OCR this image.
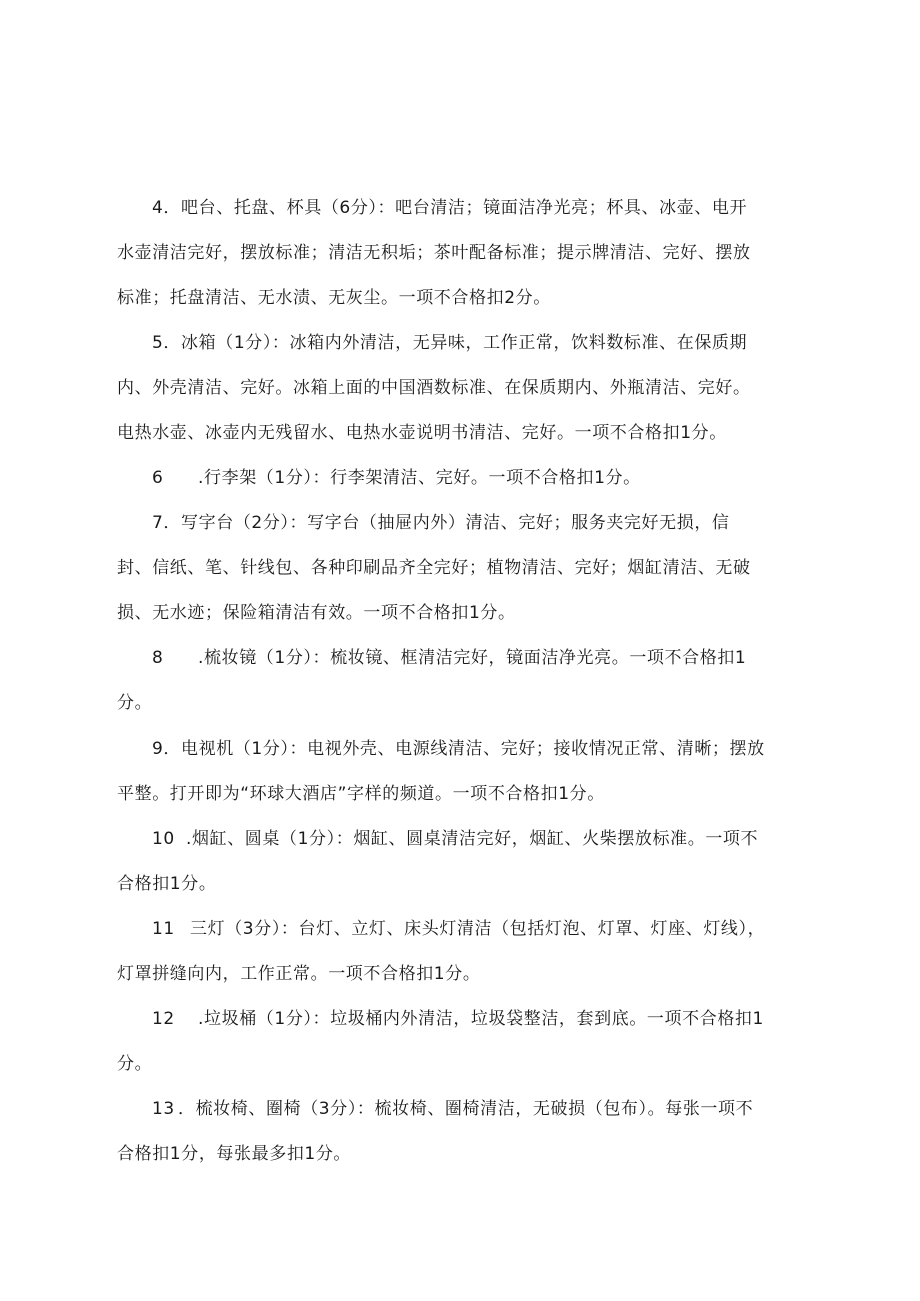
4．吧台、托盘、杯具（6分）：吧台清洁；镜面洁净光亮；杯具、冰壶、电开
水壶清洁完好，摆放标准；清洁无积垢；茶叶配备标准；提示牌清洁、完好、摆放
标准；托盘清洁、无水渍、无灰尘。一项不合格扣2分。
5．冰箱（1分）：冰箱内外清洁，无异味，工作正常，饮料数标准、在保质期
内、外壳清洁、完好。冰箱上面的中国酒数标准、在保质期内、外瓶清洁、完好。
电热水壶、冰壶内无残留水、电热水壶说明书清洁、完好。一项不合格扣1分。
6 .行李架（1分）：行李架清洁、完好。一项不合格扣1分。
7．写字台（2分）：写字台（抽屉内外）清洁、完好；服务夹完好无损，信
封、信纸、笔、针线包、各种印刷品齐全完好；植物清洁、完好；烟缸清洁、无破
损、无水迹；保险箱清洁有效。一项不合格扣1分。
8 .梳妆镜（1分）：梳妆镜、框清洁完好，镜面洁净光亮。一项不合格扣1
分。
9．电视机（1分）：电视外壳、电源线清洁、完好；接收情况正常、清晰；摆放
平整。打开即为“环球大酒店”字样的频道。一项不合格扣1分。
10 .烟缸、圆桌（1分）：烟缸、圆桌清洁完好，烟缸、火柴摆放标准。一项不
合格扣1分。
11 三灯（3分）：台灯、立灯、床头灯清洁（包括灯泡、灯罩、灯座、灯线），
灯罩拼缝向内，工作正常。一项不合格扣1分。
12 .垃圾桶（1分）：垃圾桶内外清洁，垃圾袋整洁，套到底。一项不合格扣1
分。
13 ．梳妆椅、圈椅（3分）：梳妆椅、圈椅清洁，无破损（包布）。每张一项不
合格扣1分，每张最多扣1分。
